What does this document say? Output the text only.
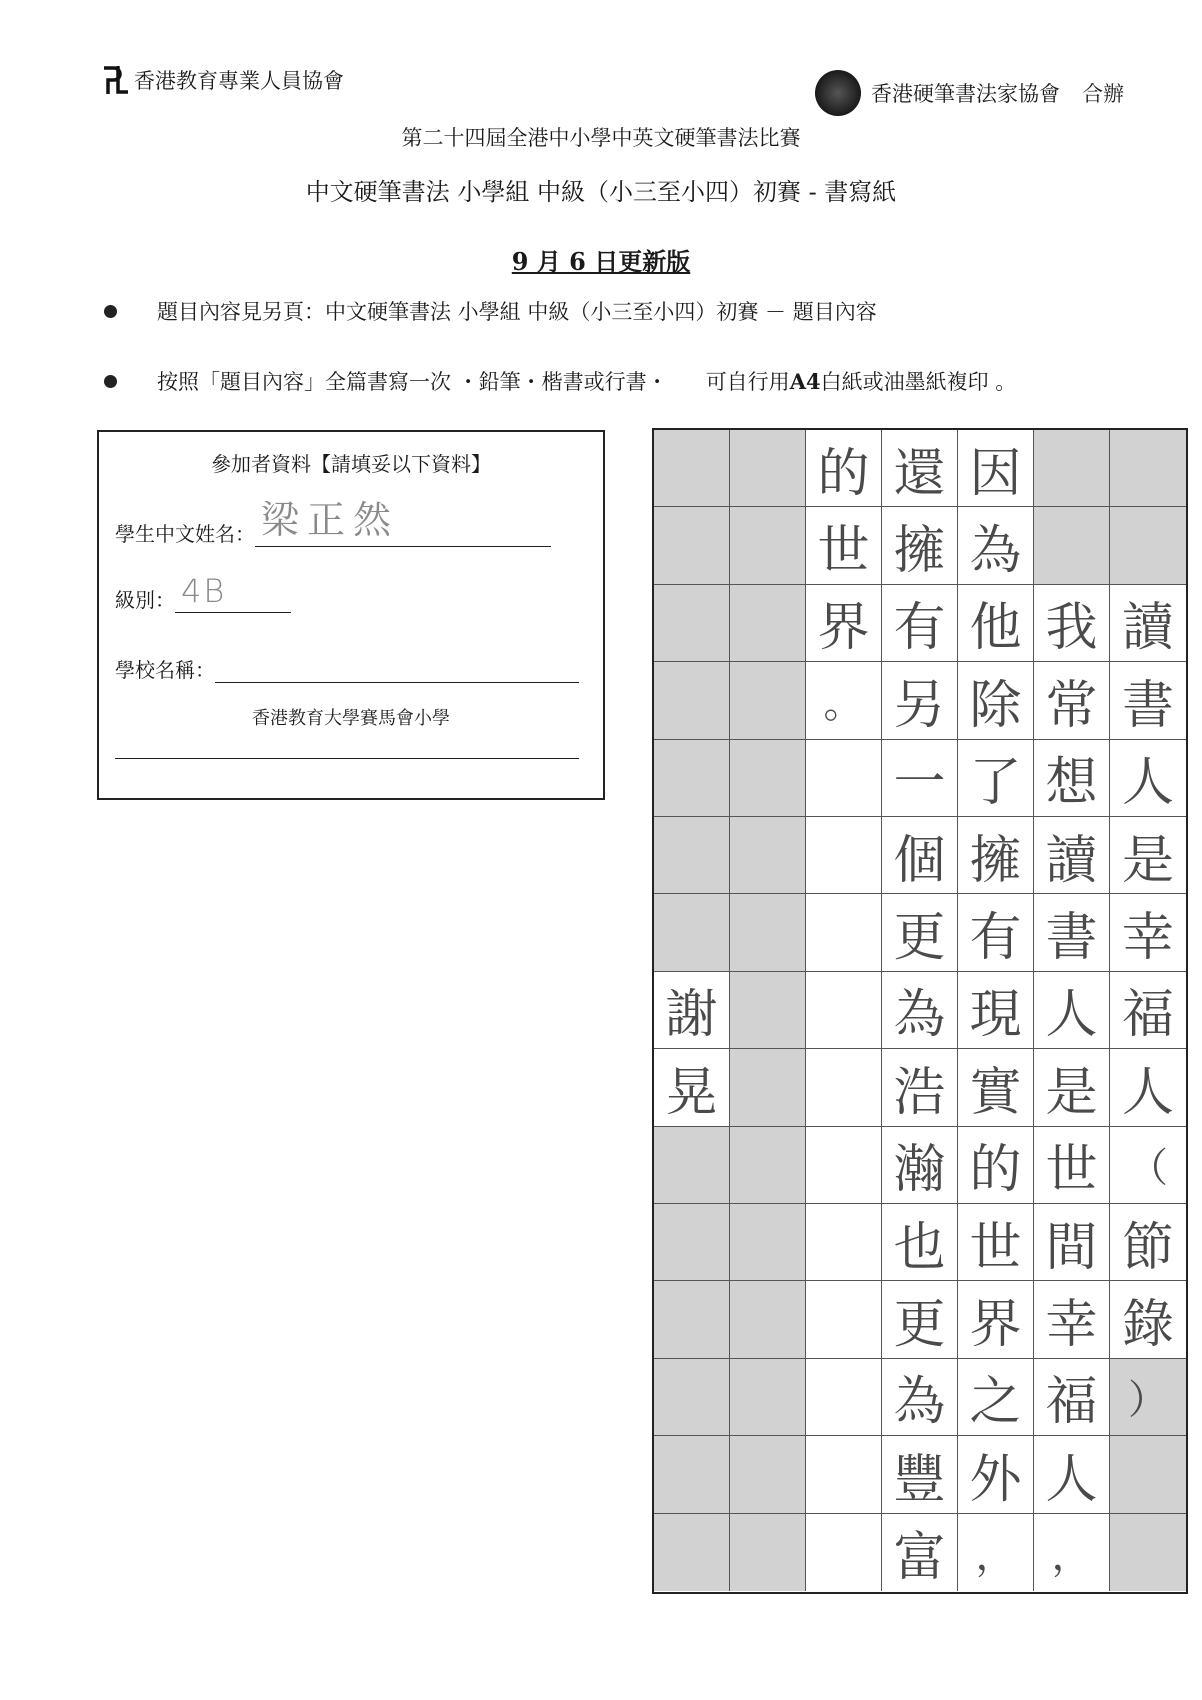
香港教育專業人員協會
香港硬筆書法家協會 合辦
第二十四屆全港中小學中英文硬筆書法比賽
中文硬筆書法 小學組 中級（小三至小四）初賽 - 書寫紙
9 月 6 日更新版
題目內容見另頁：中文硬筆書法 小學組 中級（小三至小四）初賽 － 題目內容
按照「題目內容」全篇書寫一次 ・鉛筆・楷書或行書・ 可自行用 A4 白紙或油墨紙複印 。
參加者資料【請填妥以下資料】
學生中文姓名： 梁正然
級別： 4B
學校名稱：
香港教育大學賽馬會小學
謝
晃
的
世
界
。
還
擁
有
另
一
個
更
為
浩
瀚
也
更
為
豐
富
因
為
他
除
了
擁
有
現
實
的
世
界
之
外
，
我
常
想
讀
書
人
是
世
間
幸
福
人
，
讀
書
人
是
幸
福
人
（
節
錄
）
